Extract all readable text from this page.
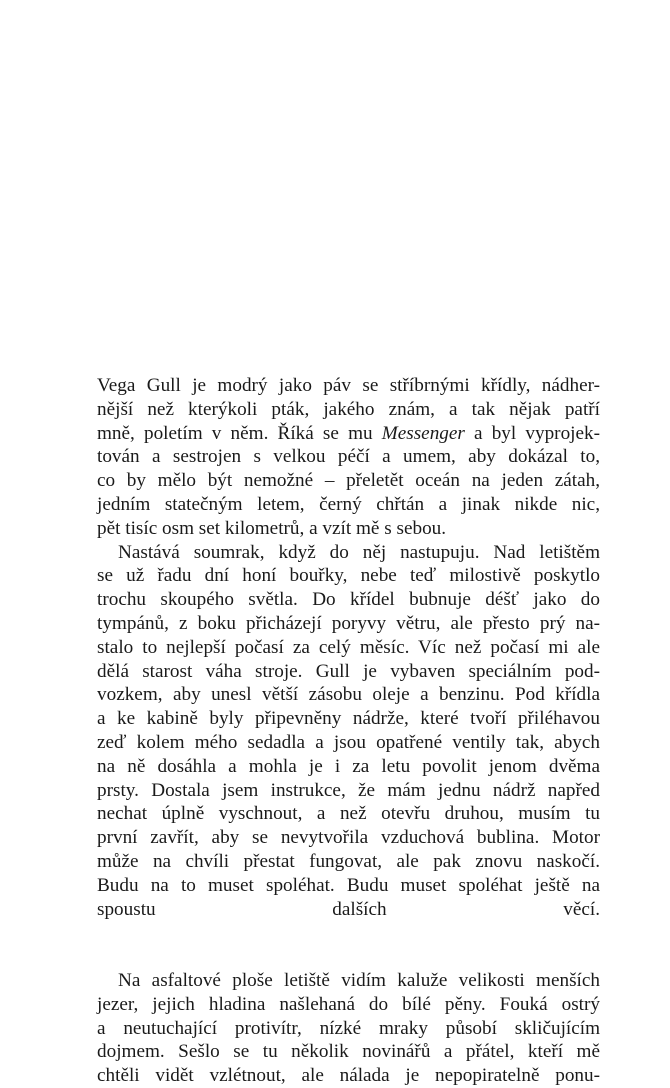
Vega Gull je modrý jako páv se stříbrnými křídly, nádher-
nější než kterýkoli pták, jakého znám, a tak nějak patří
mně, poletím v něm. Říká se mu Messenger a byl vyprojek-
tován a sestrojen s velkou péčí a umem, aby dokázal to,
co by mělo být nemožné – přeletět oceán na jeden zátah,
jedním statečným letem, černý chřtán a jinak nikde nic,
pět tisíc osm set kilometrů, a vzít mě s sebou.
Nastává soumrak, když do něj nastupuju. Nad letištěm
se už řadu dní honí bouřky, nebe teď milostivě poskytlo
trochu skoupého světla. Do křídel bubnuje déšť jako do
tympánů, z boku přicházejí poryvy větru, ale přesto prý na-
stalo to nejlepší počasí za celý měsíc. Víc než počasí mi ale
dělá starost váha stroje. Gull je vybaven speciálním pod-
vozkem, aby unesl větší zásobu oleje a benzinu. Pod křídla
a ke kabině byly připevněny nádrže, které tvoří přiléhavou
zeď kolem mého sedadla a jsou opatřené ventily tak, abych
na ně dosáhla a mohla je i za letu povolit jenom dvěma
prsty. Dostala jsem instrukce, že mám jednu nádrž napřed
nechat úplně vyschnout, a než otevřu druhou, musím tu
první zavřít, aby se nevytvořila vzduchová bublina. Motor
může na chvíli přestat fungovat, ale pak znovu naskočí.
Budu na to muset spoléhat. Budu muset spoléhat ještě na
spoustu dalších věcí.
Na asfaltové ploše letiště vidím kaluže velikosti menších
jezer, jejich hladina našlehaná do bílé pěny. Fouká ostrý
a neutuchající protivítr, nízké mraky působí skličujícím
dojmem. Sešlo se tu několik novinářů a přátel, kteří mě
chtěli vidět vzlétnout, ale nálada je nepopiratelně ponu-
